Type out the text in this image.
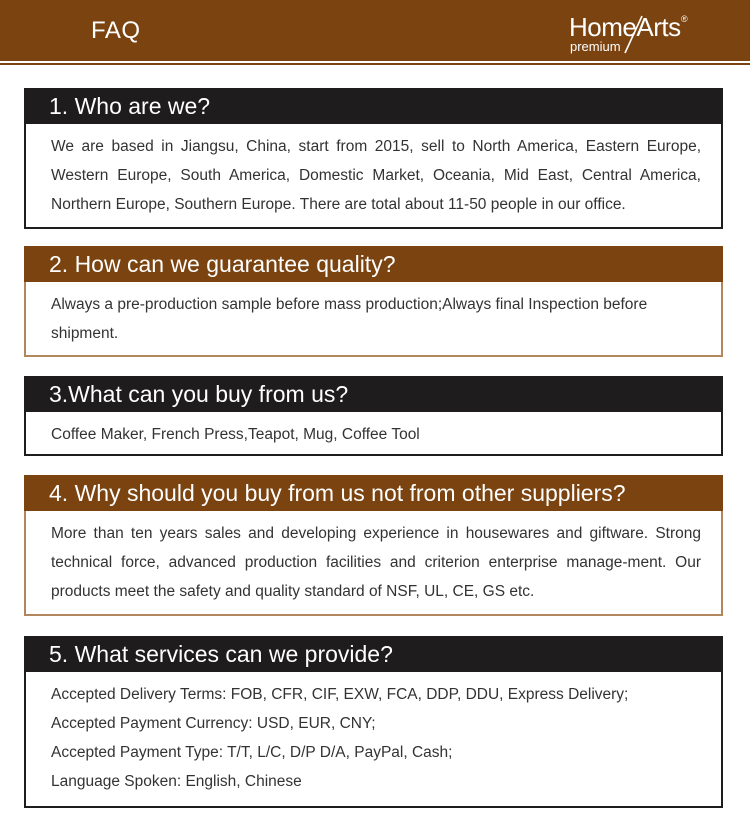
FAQ	HomeArts ®
premium
1. Who are we?

We are based in Jiangsu, China, start from 2015, sell to North America, Eastern Europe, Western Europe, South America, Domestic Market, Oceania, Mid East, Central America, Northern Europe, Southern Europe. There are total about 11-50 people in our office.

2. How can we guarantee quality?

Always a pre-production sample before mass production;Always final Inspection before shipment.

3.What can you buy from us?

Coffee Maker, French Press,Teapot, Mug, Coffee Tool

4. Why should you buy from us not from other suppliers?

More than ten years sales and developing experience in housewares and giftware. Strong technical force, advanced production facilities and criterion enterprise manage-ment. Our products meet the safety and quality standard of NSF, UL, CE, GS etc.

5. What services can we provide?

Accepted Delivery Terms: FOB, CFR, CIF, EXW, FCA, DDP, DDU, Express Delivery;

Accepted Payment Currency: USD, EUR, CNY;

Accepted Payment Type: T/T, L/C, D/P D/A, PayPal, Cash;

Language Spoken: English, Chinese
